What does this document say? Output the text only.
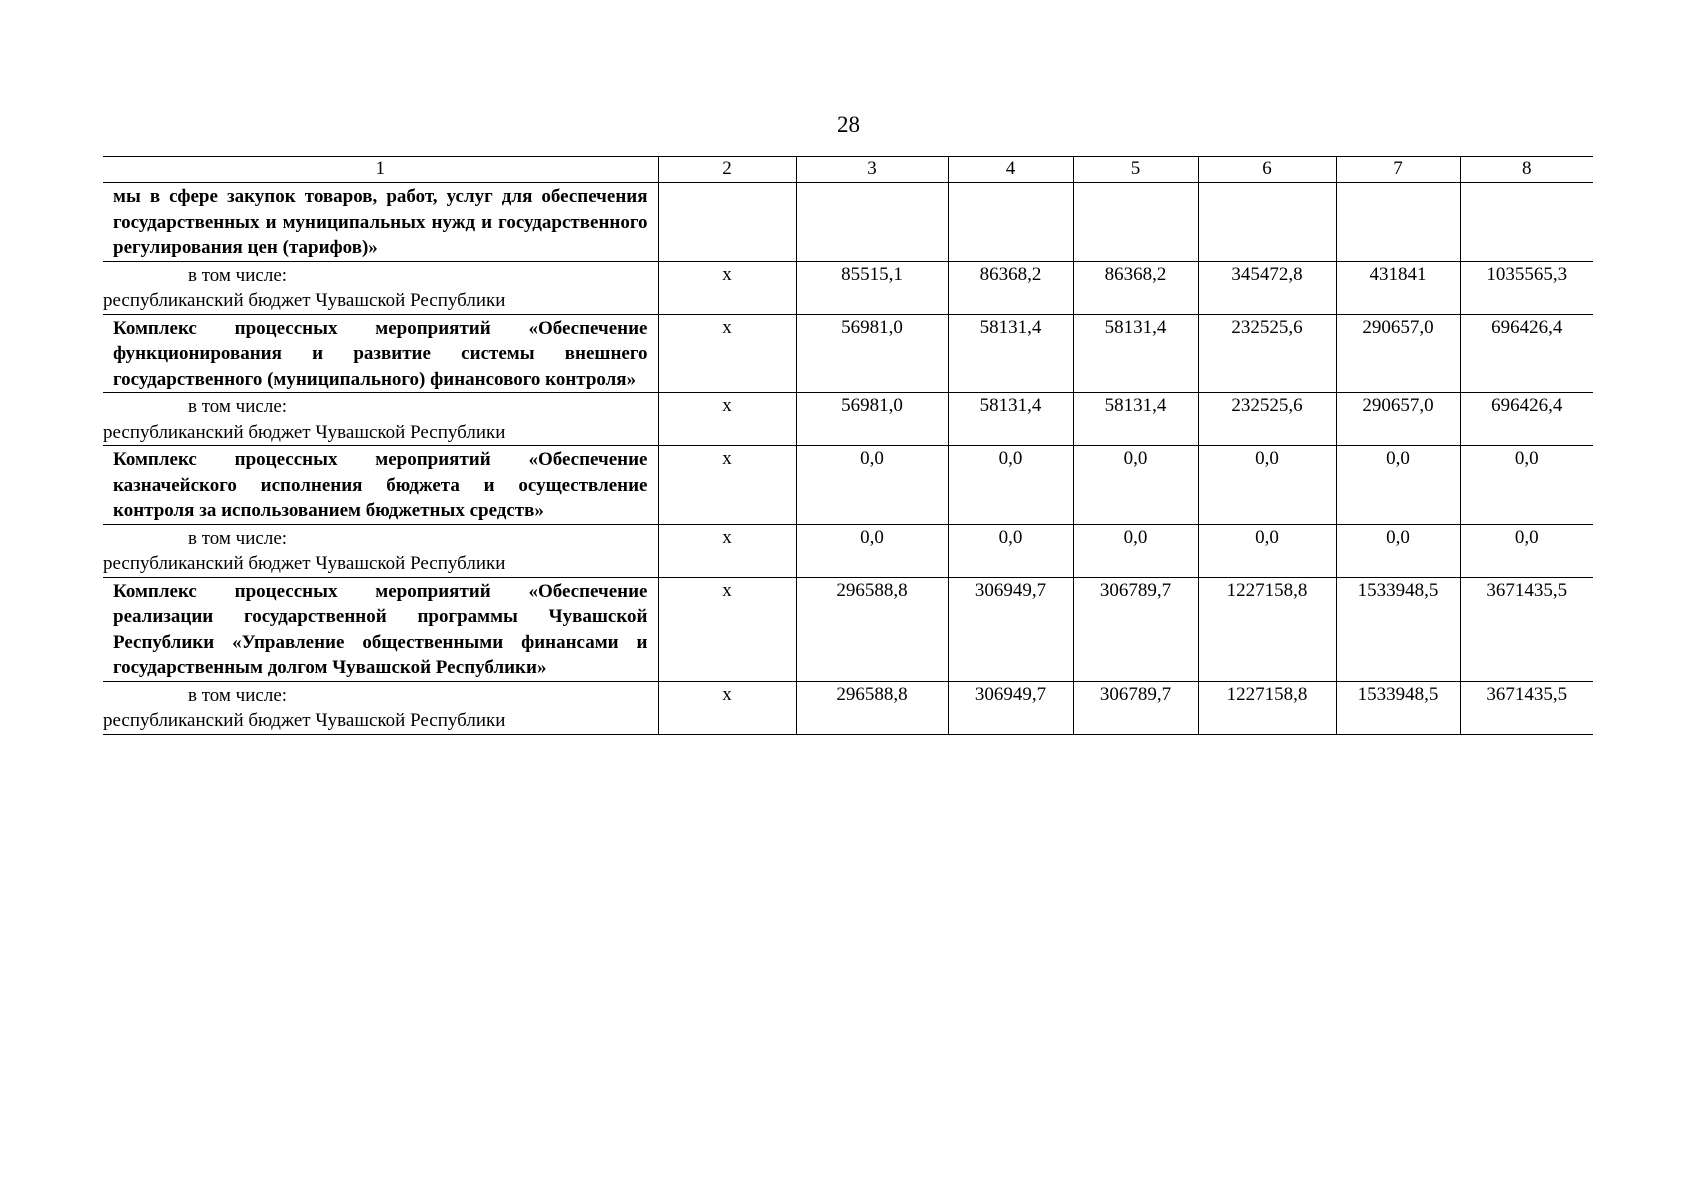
28
1	2	3	4	5	6	7	8
мы в сфере закупок товаров, работ, услуг для обеспечения государственных и муниципальных нужд и государственного регулирования цен (тарифов)»							

в том числе:
республиканский бюджет Чувашской Республики	х	85515,1	86368,2	86368,2	345472,8	431841	1035565,3
Комплекс процессных мероприятий «Обеспечение функционирования и развитие системы внешнего государственного (муниципального) финансового контроля»	х	56981,0	58131,4	58131,4	232525,6	290657,0	696426,4

в том числе:
республиканский бюджет Чувашской Республики	х	56981,0	58131,4	58131,4	232525,6	290657,0	696426,4
Комплекс процессных мероприятий «Обеспечение казначейского исполнения бюджета и осуществление контроля за использованием бюджетных средств»	х	0,0	0,0	0,0	0,0	0,0	0,0

в том числе:
республиканский бюджет Чувашской Республики	х	0,0	0,0	0,0	0,0	0,0	0,0
Комплекс процессных мероприятий «Обеспечение реализации государственной программы Чувашской Республики «Управление общественными финансами и государственным долгом Чувашской Республики»	х	296588,8	306949,7	306789,7	1227158,8	1533948,5	3671435,5

в том числе:
республиканский бюджет Чувашской Республики	х	296588,8	306949,7	306789,7	1227158,8	1533948,5	3671435,5
